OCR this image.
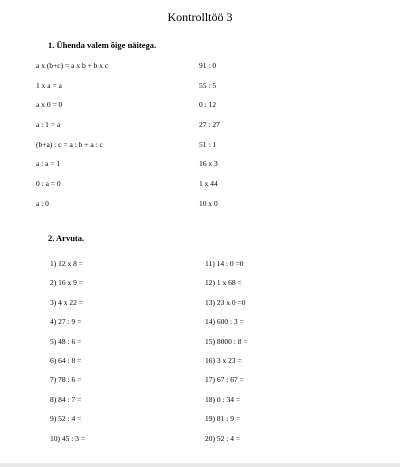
Kontrolltöö 3
1. Ühenda valem õige näitega.
a x (b+c) = a x b + b x c	91 : 0
1 x a = a	55 : 5
a x 0 = 0	0 : 12
a : 1 = a	27 : 27
(b+a) : c = a : b + a : c	51 : 1
a : a = 1	16 x 3
0 : a = 0	1 x 44
a : 0	10 x 0
2. Arvuta.
1) 12 x 8 =	11) 14 : 0 =0
2) 16 x 9 =	12) 1 x 68 =
3) 4 x 22 =	13) 23 x 0 =0
4) 27 : 9 =	14) 600 : 3 =
5) 48 : 6 =	15) 8000 : 8 =
6) 64 : 8 =	16) 3 x 23 =
7) 78 : 6 =	17) 67 : 67 =
8) 84 : 7 =	18) 0 : 34 =
9) 52 : 4 =	19) 81 : 9 =
10) 45 : 3 =	20) 52 : 4 =
